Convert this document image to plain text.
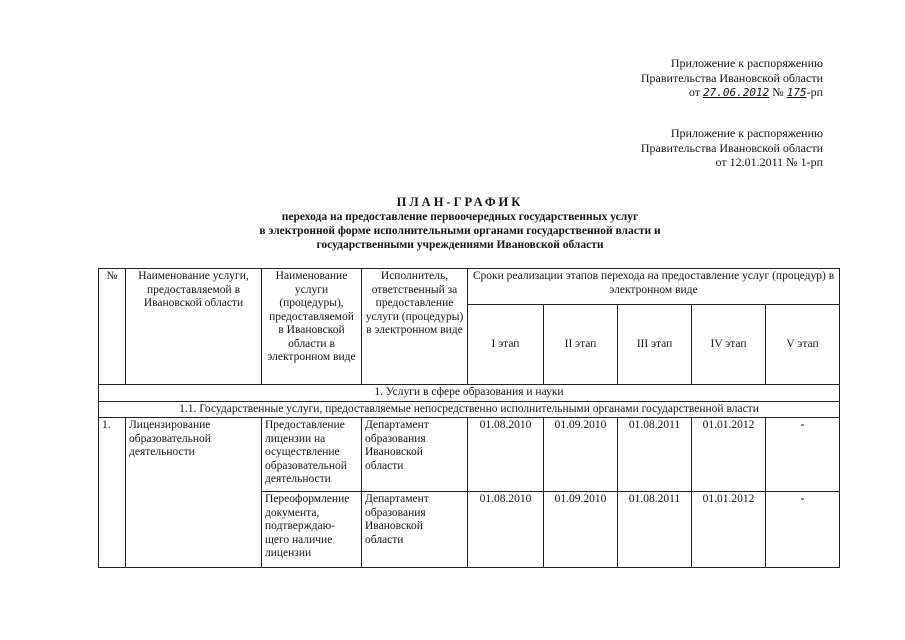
Приложение к распоряжению
Правительства Ивановской области
от 27.06.2012 № 175-рп
Приложение к распоряжению
Правительства Ивановской области
от 12.01.2011 № 1-рп
ПЛАН-ГРАФИК
перехода на предоставление первоочередных государственных услуг
в электронной форме исполнительными органами государственной власти и
государственными учреждениями Ивановской области
№	Наименование услуги, предоставляемой в Ивановской области	Наименование услуги (процедуры), предоставляемой в Ивановской области в электронном виде	Исполнитель, ответственный за предоставление услуги (процедуры) в электронном виде	Сроки реализации этапов перехода на предоставление услуг (процедур) в электронном виде				
				I этап	II этап	III этап	IV этап	V этап
1. Услуги в сфере образования и науки								
1.1. Государственные услуги, предоставляемые непосредственно исполнительными органами государственной власти								
1.	Лицензирование образовательной деятельности	Предоставление лицензии на осуществление образовательной деятельности	Департамент образования Ивановской области	01.08.2010	01.09.2010	01.08.2011	01.01.2012	-
		Переоформление документа, подтверждаю-щего наличие лицензии	Департамент образования Ивановской области	01.08.2010	01.09.2010	01.08.2011	01.01.2012	-
